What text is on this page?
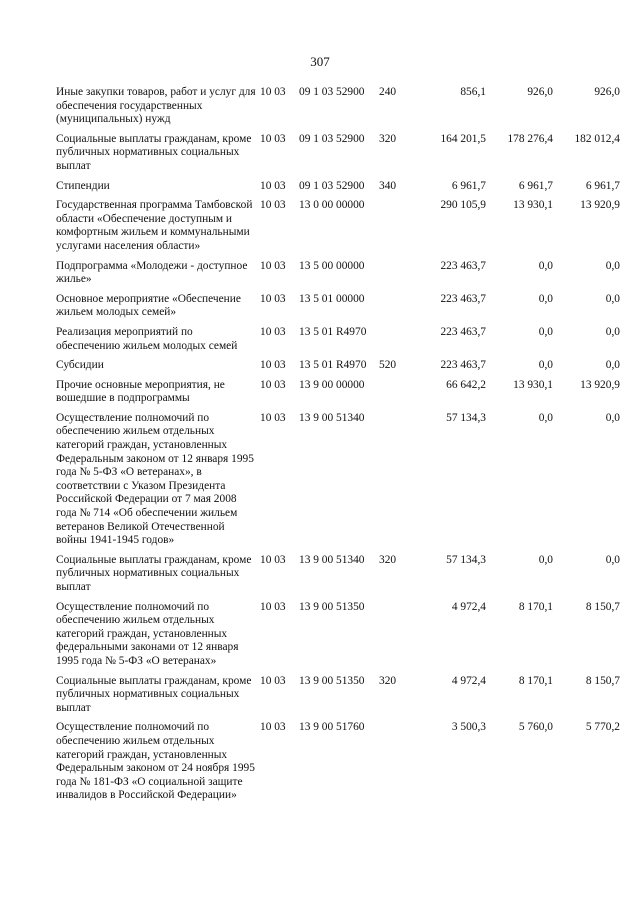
307
Иные закупки товаров, работ и услуг для обеспечения государственных (муниципальных) нужд	10 03	09 1 03 52900	240	856,1	926,0	926,0

Социальные выплаты гражданам, кроме публичных нормативных социальных выплат	10 03	09 1 03 52900	320	164 201,5	178 276,4	182 012,4

Стипендии	10 03	09 1 03 52900	340	6 961,7	6 961,7	6 961,7

Государственная программа Тамбовской области «Обеспечение доступным и комфортным жильем и коммунальными услугами населения области»	10 03	13 0 00 00000		290 105,9	13 930,1	13 920,9

Подпрограмма «Молодежи - доступное жилье»	10 03	13 5 00 00000		223 463,7	0,0	0,0

Основное мероприятие «Обеспечение жильем молодых семей»	10 03	13 5 01 00000		223 463,7	0,0	0,0

Реализация мероприятий по обеспечению жильем молодых семей	10 03	13 5 01 R4970		223 463,7	0,0	0,0

Субсидии	10 03	13 5 01 R4970	520	223 463,7	0,0	0,0

Прочие основные мероприятия, не вошедшие в подпрограммы	10 03	13 9 00 00000		66 642,2	13 930,1	13 920,9

Осуществление полномочий по обеспечению жильем отдельных категорий граждан, установленных Федеральным законом от 12 января 1995 года № 5-ФЗ «О ветеранах», в соответствии с Указом Президента Российской Федерации от 7 мая 2008 года № 714 «Об обеспечении жильем ветеранов Великой Отечественной войны 1941-1945 годов»	10 03	13 9 00 51340		57 134,3	0,0	0,0

Социальные выплаты гражданам, кроме публичных нормативных социальных выплат	10 03	13 9 00 51340	320	57 134,3	0,0	0,0

Осуществление полномочий по обеспечению жильем отдельных категорий граждан, установленных федеральными законами от 12 января 1995 года № 5-ФЗ «О ветеранах»	10 03	13 9 00 51350		4 972,4	8 170,1	8 150,7

Социальные выплаты гражданам, кроме публичных нормативных социальных выплат	10 03	13 9 00 51350	320	4 972,4	8 170,1	8 150,7

Осуществление полномочий по обеспечению жильем отдельных категорий граждан, установленных Федеральным законом от 24 ноября 1995 года № 181-ФЗ «О социальной защите инвалидов в Российской Федерации»	10 03	13 9 00 51760		3 500,3	5 760,0	5 770,2
